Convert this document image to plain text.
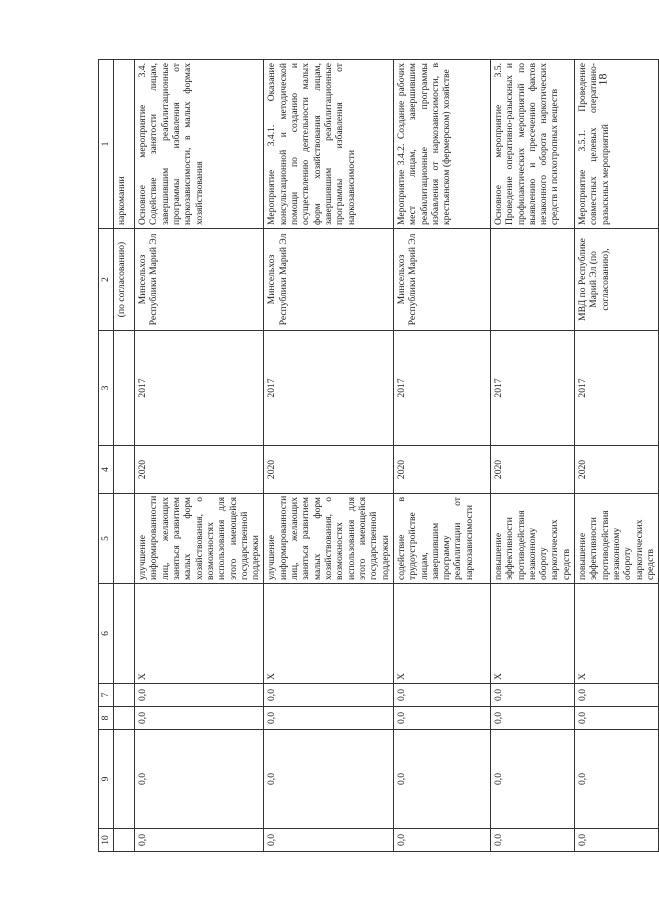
18
10	9	8	7	6	5	4	3	2	1
								(по согласованию)	наркомании
0,0	0,0	0,0	0,0	X	улучшение информированности лиц, желающих заняться развитием малых форм хозяйствования, о возможностях использования для этого имеющейся государственной поддержки	2020	2017	Минсельхоз Республики Марий Эл	Основное мероприятие 3.4. Содействие занятости лицам, завершившим реабилитационные программы избавления от наркозависимости, в малых формах хозяйствования
0,0	0,0	0,0	0,0	X	улучшение информированности лиц, желающих заняться развитием малых форм хозяйствования, о возможностях использования для этого имеющейся государственной поддержки	2020	2017	Минсельхоз Республики Марий Эл	Мероприятие 3.4.1. Оказание консультационной и методической помощи по созданию и осуществлению деятельности малых форм хозяйствования лицам, завершившим реабилитационные программы избавления от наркозависимости
0,0	0,0	0,0	0,0	X	содействие в трудоустройстве лицам, завершившим программу реабилитации от наркозависимости	2020	2017	Минсельхоз Республики Марий Эл	Мероприятие 3.4.2. Создание рабочих мест лицам, завершившим реабилитационные программы избавления от наркозависимости, в крестьянском (фермерском) хозяйстве
0,0	0,0	0,0	0,0	X	повышение эффективности противодействия незаконному обороту наркотических средств	2020	2017		Основное мероприятие 3.5. Проведение оперативно-разыскных и профилактических мероприятий по выявлению и пресечению фактов незаконного оборота наркотических средств и психотропных веществ
0,0	0,0	0,0	0,0	X	повышение эффективности противодействия незаконному обороту наркотических средств	2020	2017	МВД по Республике Марий Эл (по согласованию),	Мероприятие 3.5.1. Проведение совместных целевых оперативно-разыскных мероприятий
